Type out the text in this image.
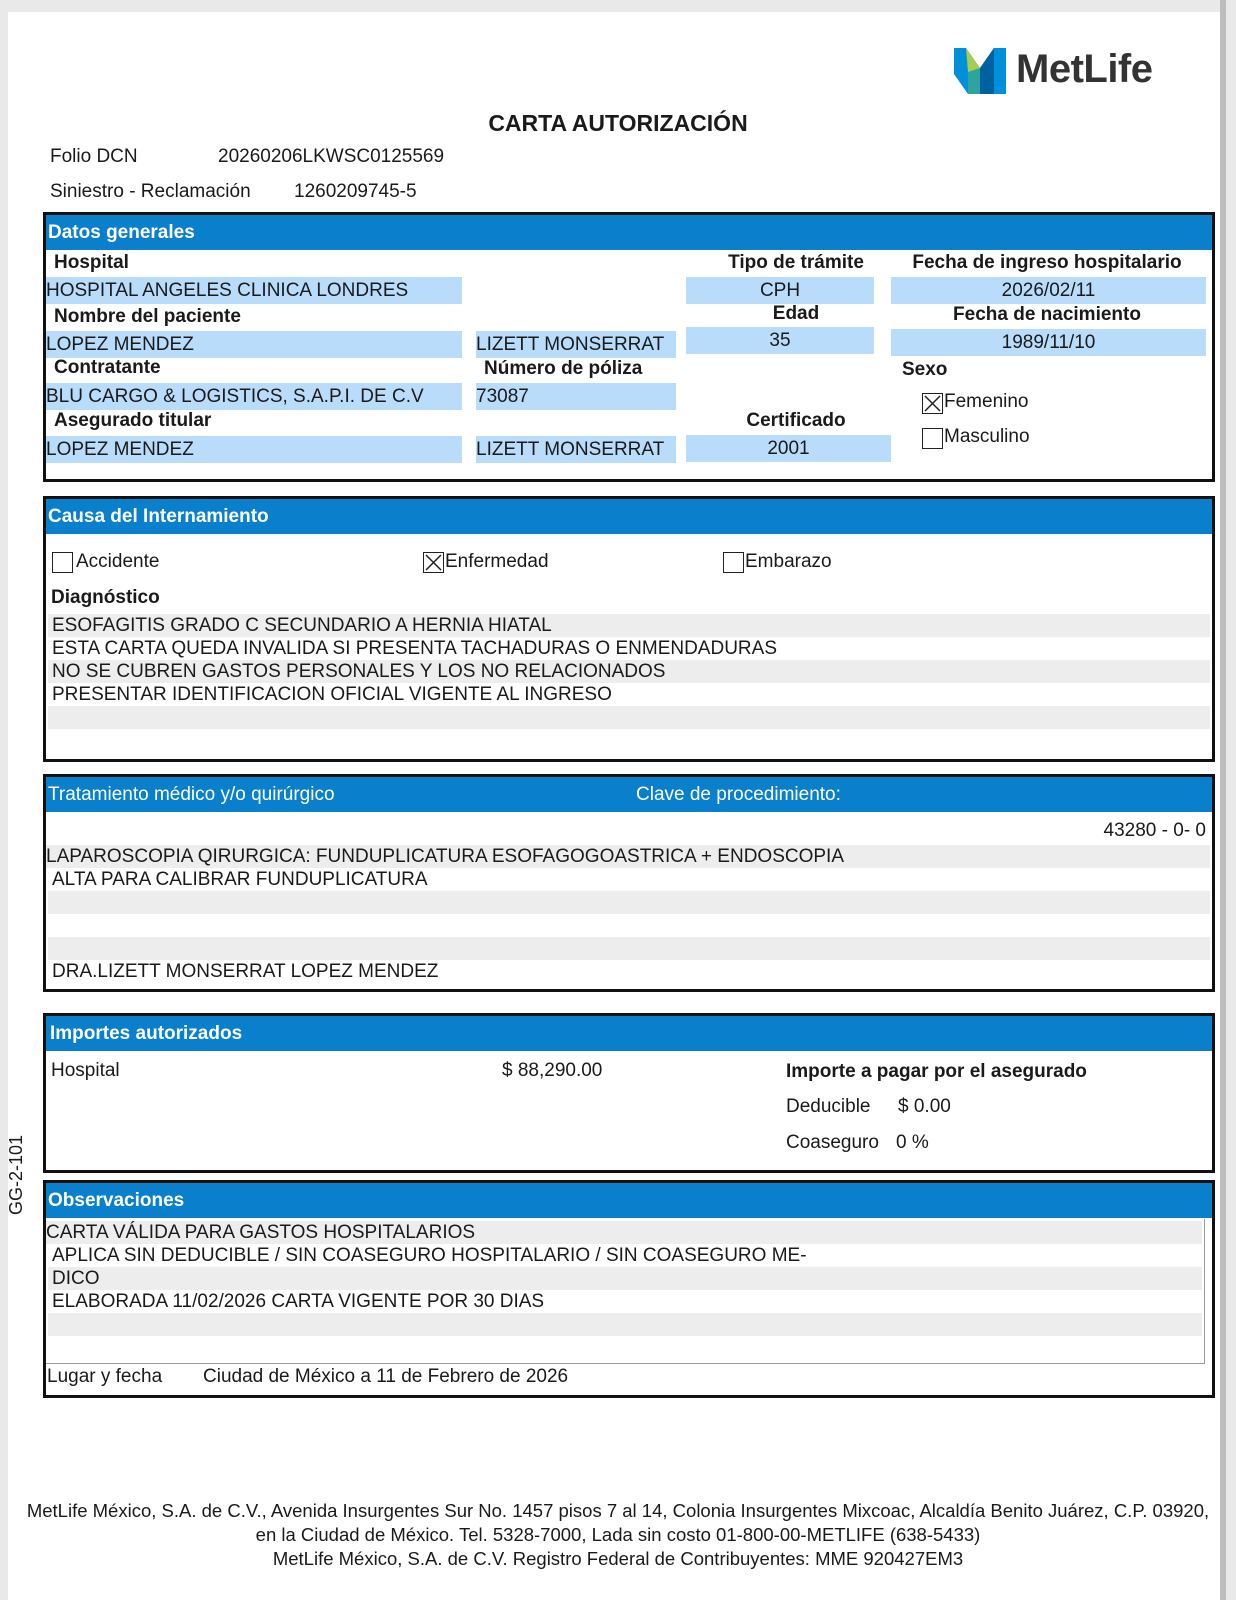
MetLife
CARTA AUTORIZACIÓN
Folio DCN	20260206LKWSC0125569
Siniestro - Reclamación 1260209745-5
Datos generales
Hospital
HOSPITAL ANGELES CLINICA LONDRES
Tipo de trámite
CPH
Fecha de ingreso hospitalario
2026/02/11
Nombre del paciente
LOPEZ MENDEZ	LIZETT MONSERRAT
Edad
35
Fecha de nacimiento
1989/11/10
Contratante
BLU CARGO & LOGISTICS, S.A.P.I. DE C.V
Número de póliza
73087
Sexo
Femenino
Masculino
Asegurado titular
LOPEZ MENDEZ	LIZETT MONSERRAT
Certificado
2001
Causa del Internamiento
Accidente	Enfermedad	Embarazo
Diagnóstico
ESOFAGITIS GRADO C SECUNDARIO A HERNIA HIATAL
ESTA CARTA QUEDA INVALIDA SI PRESENTA TACHADURAS O ENMENDADURAS
NO SE CUBREN GASTOS PERSONALES Y LOS NO RELACIONADOS
PRESENTAR IDENTIFICACION OFICIAL VIGENTE AL INGRESO
Tratamiento médico y/o quirúrgico	Clave de procedimiento:
43280 - 0- 0
LAPAROSCOPIA QIRURGICA: FUNDUPLICATURA ESOFAGOGOASTRICA + ENDOSCOPIA
ALTA PARA CALIBRAR FUNDUPLICATURA
DRA.LIZETT MONSERRAT LOPEZ MENDEZ
Importes autorizados
Hospital	$ 88,290.00	Importe a pagar por el asegurado
Deducible $ 0.00
Coaseguro 0 %
Observaciones
CARTA VÁLIDA PARA GASTOS HOSPITALARIOS
APLICA SIN DEDUCIBLE / SIN COASEGURO HOSPITALARIO / SIN COASEGURO ME-
DICO
ELABORADA 11/02/2026 CARTA VIGENTE POR 30 DIAS
Lugar y fecha Ciudad de México a 11 de Febrero de 2026
GG-2-101
MetLife México, S.A. de C.V., Avenida Insurgentes Sur No. 1457 pisos 7 al 14, Colonia Insurgentes Mixcoac, Alcaldía Benito Juárez, C.P. 03920,
en la Ciudad de México. Tel. 5328-7000, Lada sin costo 01-800-00-METLIFE (638-5433)
MetLife México, S.A. de C.V. Registro Federal de Contribuyentes: MME 920427EM3
